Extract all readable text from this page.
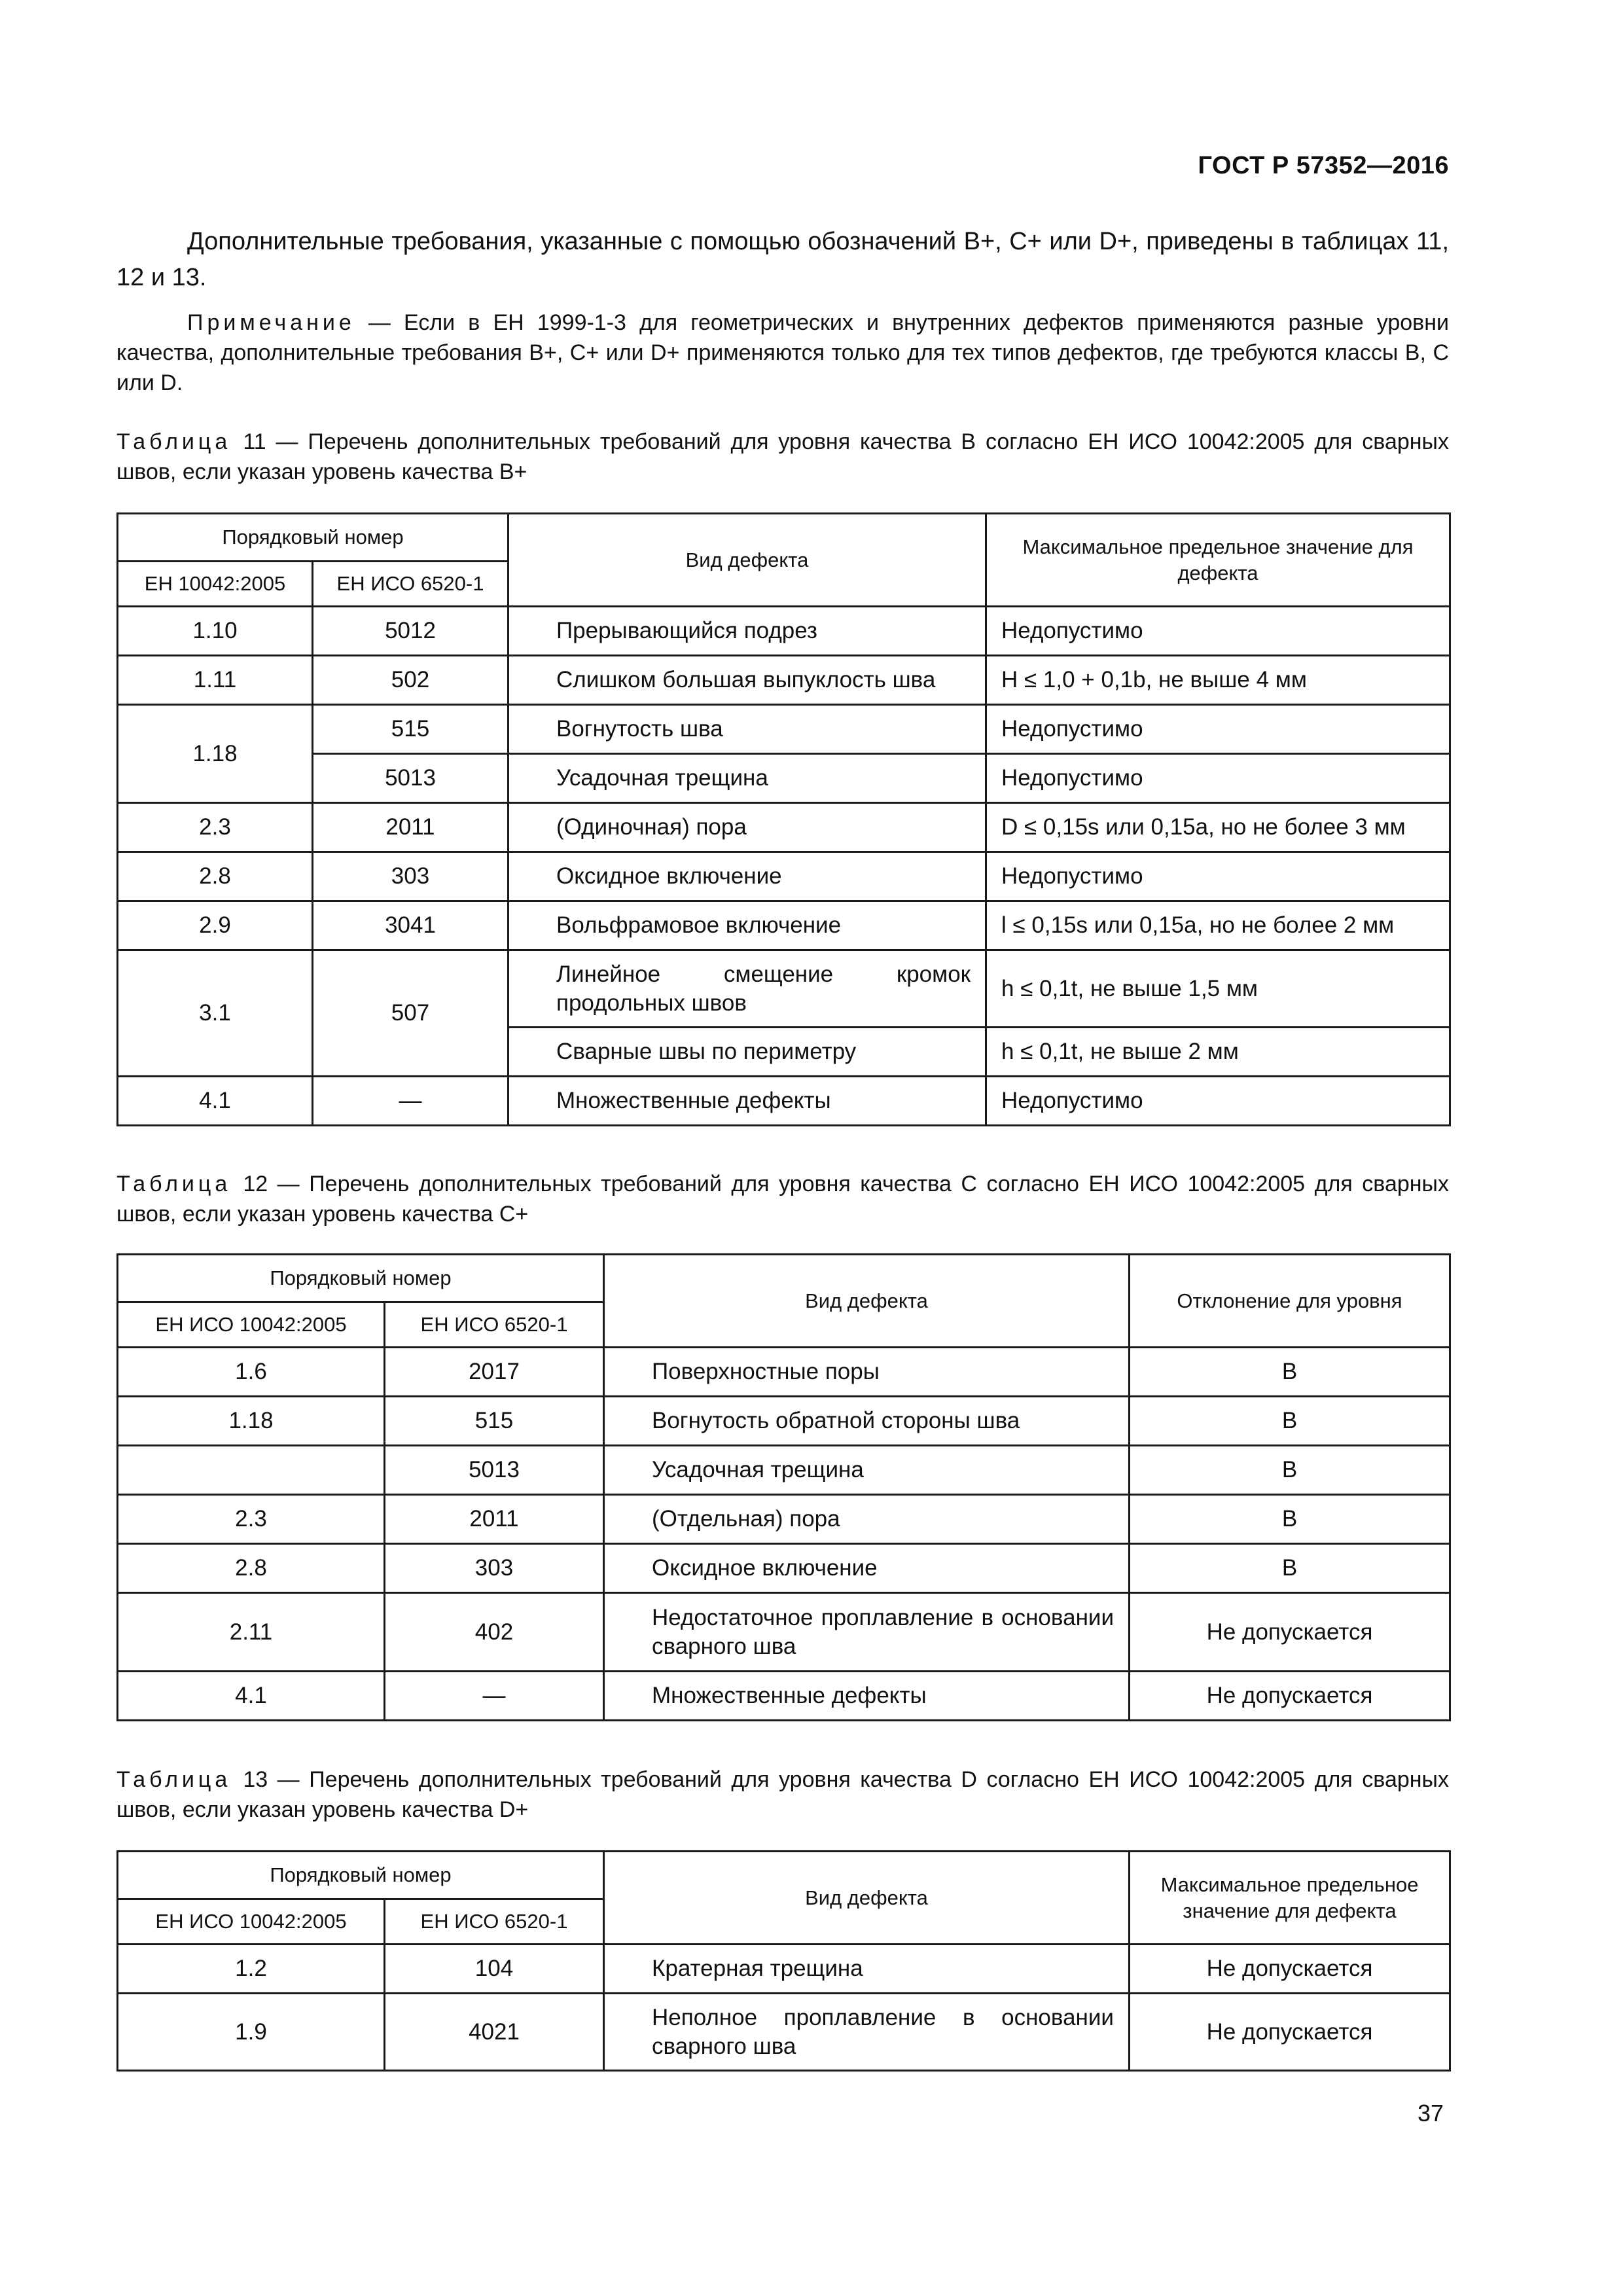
ГОСТ Р 57352—2016
Дополнительные требования, указанные с помощью обозначений B+, C+ или D+, приведены в таблицах 11, 12 и 13.
Примечание — Если в ЕН 1999-1-3 для геометрических и внутренних дефектов применяются разные уровни качества, дополнительные требования B+, C+ или D+ применяются только для тех типов дефектов, где требуются классы B, C или D.
Таблица 11 — Перечень дополнительных требований для уровня качества B согласно ЕН ИСО 10042:2005 для сварных швов, если указан уровень качества B+
Порядковый номер		Вид дефекта	Максимальное предельное значение для дефекта
ЕН 10042:2005	ЕН ИСО 6520-1		
1.10	5012	Прерывающийся подрез	Недопустимо
1.11	502	Слишком большая выпуклость шва	H ≤ 1,0 + 0,1b, не выше 4 мм
1.18	515	Вогнутость шва	Недопустимо
	5013	Усадочная трещина	Недопустимо
2.3	2011	(Одиночная) пора	D ≤ 0,15s или 0,15a, но не более 3 мм
2.8	303	Оксидное включение	Недопустимо
2.9	3041	Вольфрамовое включение	l ≤ 0,15s или 0,15a, но не более 2 мм
3.1	507	Линейное смещение кромок продольных швов	h ≤ 0,1t, не выше 1,5 мм
		Сварные швы по периметру	h ≤ 0,1t, не выше 2 мм
4.1	—	Множественные дефекты	Недопустимо
Таблица 12 — Перечень дополнительных требований для уровня качества C согласно ЕН ИСО 10042:2005 для сварных швов, если указан уровень качества C+
Порядковый номер		Вид дефекта	Отклонение для уровня
ЕН ИСО 10042:2005	ЕН ИСО 6520-1		
1.6	2017	Поверхностные поры	B
1.18	515	Вогнутость обратной стороны шва	B
	5013	Усадочная трещина	B
2.3	2011	(Отдельная) пора	B
2.8	303	Оксидное включение	B
2.11	402	Недостаточное проплавление в основании сварного шва	Не допускается
4.1	—	Множественные дефекты	Не допускается
Таблица 13 — Перечень дополнительных требований для уровня качества D согласно ЕН ИСО 10042:2005 для сварных швов, если указан уровень качества D+
Порядковый номер		Вид дефекта	Максимальное предельное значение для дефекта
ЕН ИСО 10042:2005	ЕН ИСО 6520-1		
1.2	104	Кратерная трещина	Не допускается
1.9	4021	Неполное проплавление в основании сварного шва	Не допускается
37
